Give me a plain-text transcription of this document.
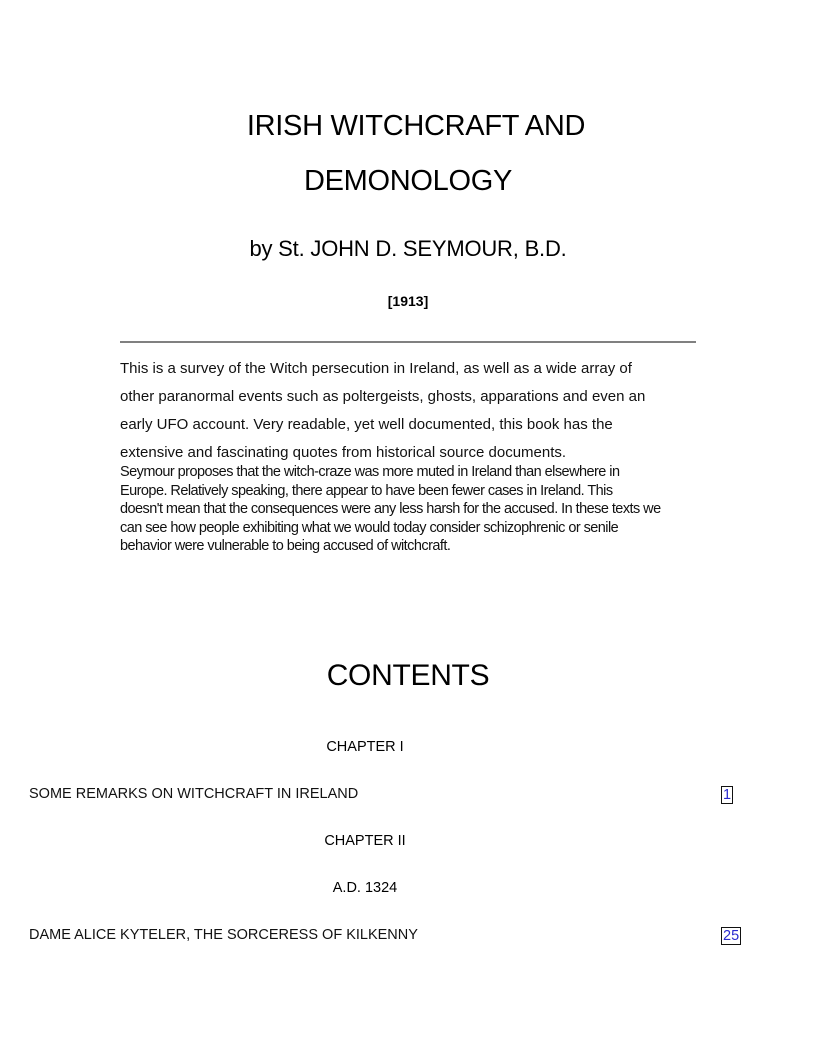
IRISH WITCHCRAFT AND
DEMONOLOGY
by St. JOHN D. SEYMOUR, B.D.
[1913]
This is a survey of the Witch persecution in Ireland, as well as a wide array of
other paranormal events such as poltergeists, ghosts, apparations and even an
early UFO account. Very readable, yet well documented, this book has the
extensive and fascinating quotes from historical source documents.
Seymour proposes that the witch-craze was more muted in Ireland than elsewhere in
Europe. Relatively speaking, there appear to have been fewer cases in Ireland. This
doesn't mean that the consequences were any less harsh for the accused. In these texts we
can see how people exhibiting what we would today consider schizophrenic or senile
behavior were vulnerable to being accused of witchcraft.
CONTENTS
CHAPTER I
SOME REMARKS ON WITCHCRAFT IN IRELAND	1
CHAPTER II
A.D. 1324
DAME ALICE KYTELER, THE SORCERESS OF KILKENNY	25
